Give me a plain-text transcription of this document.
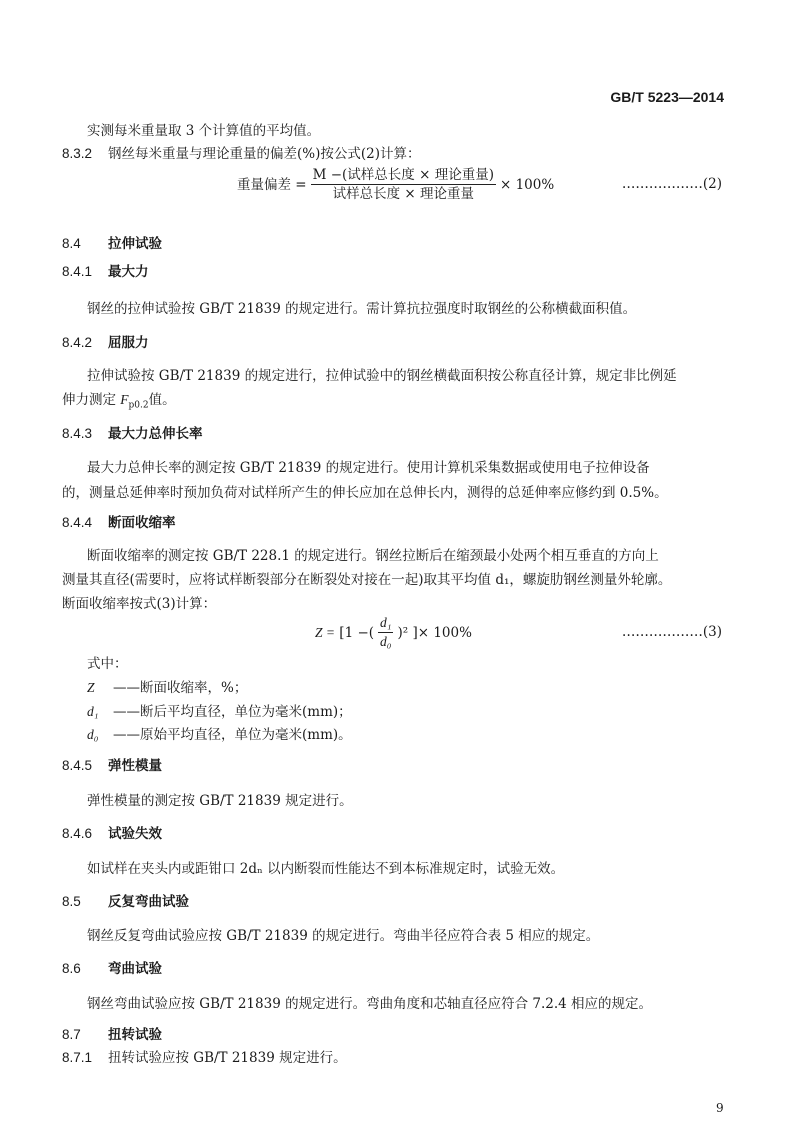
GB/T 5223—2014
实测每米重量取 3 个计算值的平均值。
8.3.2 钢丝每米重量与理论重量的偏差(%)按公式(2)计算：
重量偏差 = $\frac{\text{M −(试样总长度 × 理论重量)}}{\text{试样总长度 × 理论重量}} \times 100\%$	………………(2)
8.4 拉伸试验
8.4.1 最大力
钢丝的拉伸试验按 GB/T 21839 的规定进行。需计算抗拉强度时取钢丝的公称横截面积值。
8.4.2 屈服力
拉伸试验按 GB/T 21839 的规定进行，拉伸试验中的钢丝横截面积按公称直径计算，规定非比例延
伸力测定 $F_{p0.2}$值。
8.4.3 最大力总伸长率
最大力总伸长率的测定按 GB/T 21839 的规定进行。使用计算机采集数据或使用电子拉伸设备
的，测量总延伸率时预加负荷对试样所产生的伸长应加在总伸长内，测得的总延伸率应修约到 0.5%。
8.4.4 断面收缩率
断面收缩率的测定按 GB/T 228.1 的规定进行。钢丝拉断后在缩颈最小处两个相互垂直的方向上
测量其直径(需要时，应将试样断裂部分在断裂处对接在一起)取其平均值 d₁，螺旋肋钢丝测量外轮廓。
断面收缩率按式(3)计算：
Z =
[1 −( $\frac{\text{d₁}}{\text{d₀}} )^2$ ] × 100%	………………(3)
式中：
Z ——断面收缩率，%；
d₁ ——断后平均直径，单位为毫米(mm)；
d₀ ——原始平均直径，单位为毫米(mm)。
8.4.5 弹性模量
弹性模量的测定按 GB/T 21839 规定进行。
8.4.6 试验失效
如试样在夹头内或距钳口 2dₙ 以内断裂而性能达不到本标准规定时，试验无效。
8.5 反复弯曲试验
钢丝反复弯曲试验应按 GB/T 21839 的规定进行。弯曲半径应符合表 5 相应的规定。
8.6 弯曲试验
钢丝弯曲试验应按 GB/T 21839 的规定进行。弯曲角度和芯轴直径应符合 7.2.4 相应的规定。
8.7 扭转试验
8.7.1 扭转试验应按 GB/T 21839 规定进行。
9
